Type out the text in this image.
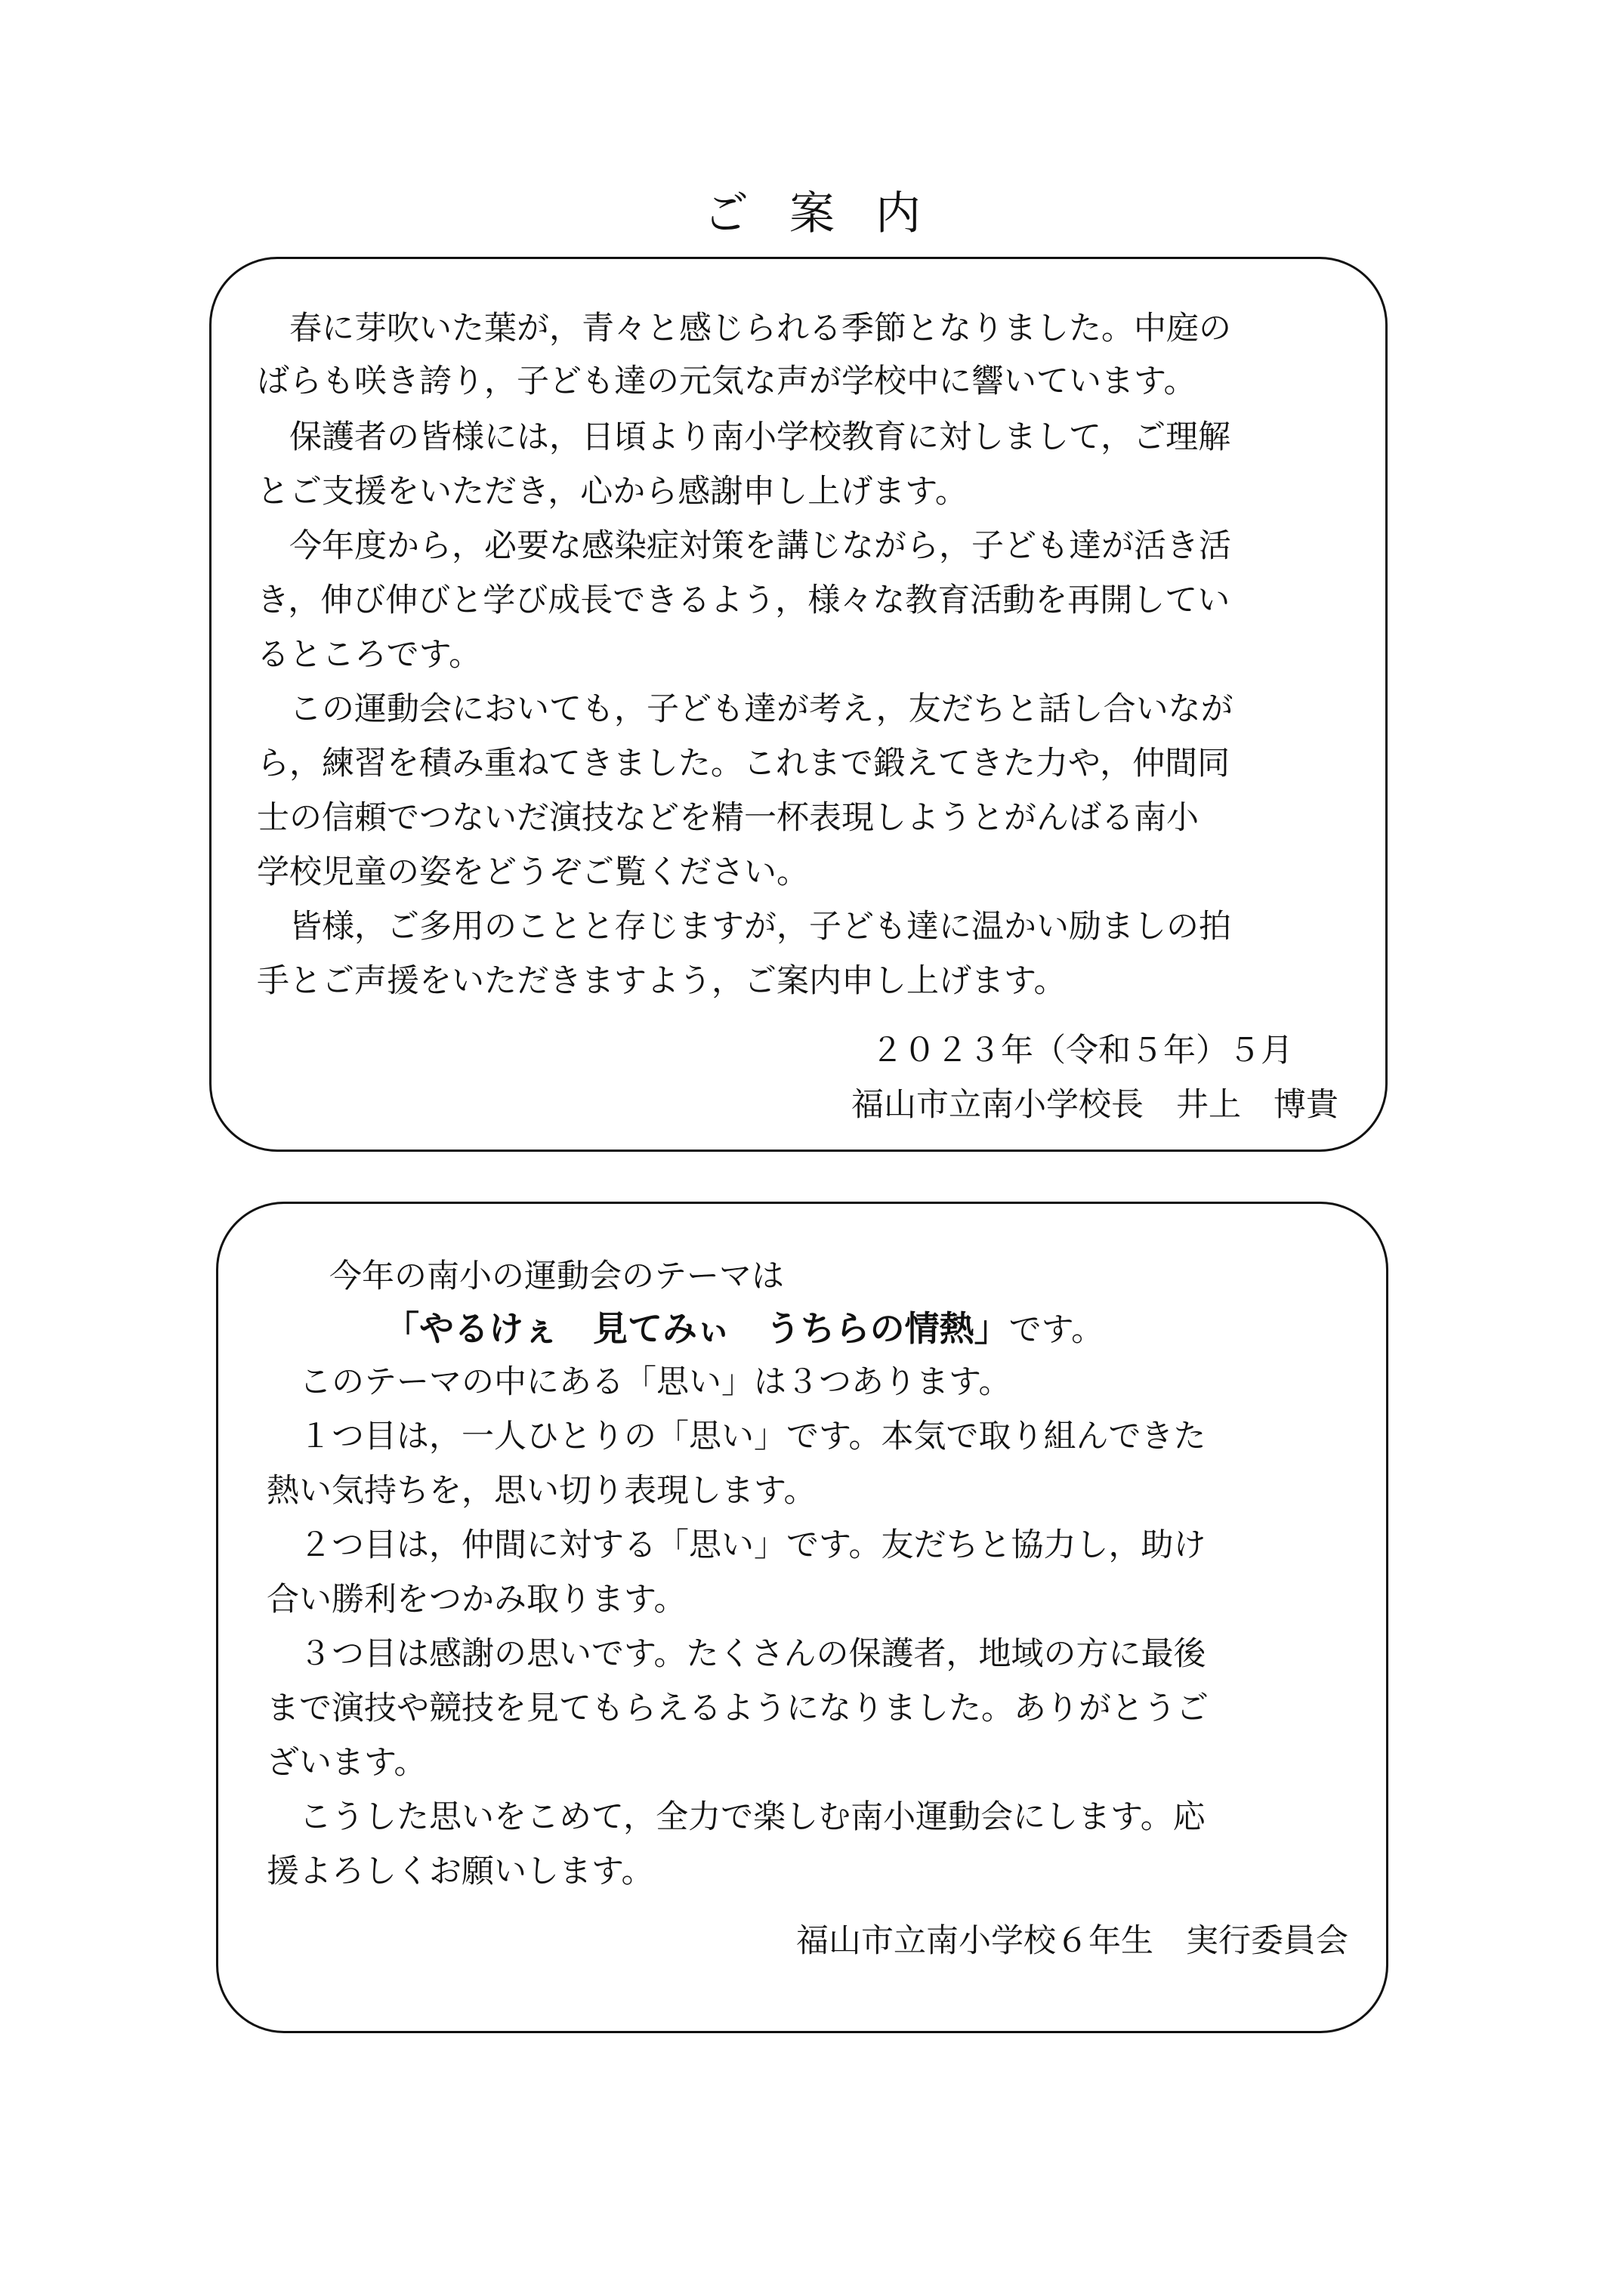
ご案内
　春に芽吹いた葉が，青々と感じられる季節となりました。中庭の
ばらも咲き誇り，子ども達の元気な声が学校中に響いています。
　保護者の皆様には，日頃より南小学校教育に対しまして，ご理解
とご支援をいただき，心から感謝申し上げます。
　今年度から，必要な感染症対策を講じながら，子ども達が活き活
き，伸び伸びと学び成長できるよう，様々な教育活動を再開してい
るところです。
　この運動会においても，子ども達が考え，友だちと話し合いなが
ら，練習を積み重ねてきました。これまで鍛えてきた力や，仲間同
士の信頼でつないだ演技などを精一杯表現しようとがんばる南小
学校児童の姿をどうぞご覧ください。
　皆様，ご多用のことと存じますが，子ども達に温かい励ましの拍
手とご声援をいただきますよう，ご案内申し上げます。
２０２３年（令和５年）５月
福山市立南小学校長　井上　博貴
　今年の南小の運動会のテーマは
「やるけぇ　見てみぃ　うちらの情熱」です。
　このテーマの中にある「思い」は３つあります。
　１つ目は，一人ひとりの「思い」です。本気で取り組んできた
熱い気持ちを，思い切り表現します。
　２つ目は，仲間に対する「思い」です。友だちと協力し，助け
合い勝利をつかみ取ります。
　３つ目は感謝の思いです。たくさんの保護者，地域の方に最後
まで演技や競技を見てもらえるようになりました。ありがとうご
ざいます。
　こうした思いをこめて，全力で楽しむ南小運動会にします。応
援よろしくお願いします。
福山市立南小学校６年生　実行委員会
